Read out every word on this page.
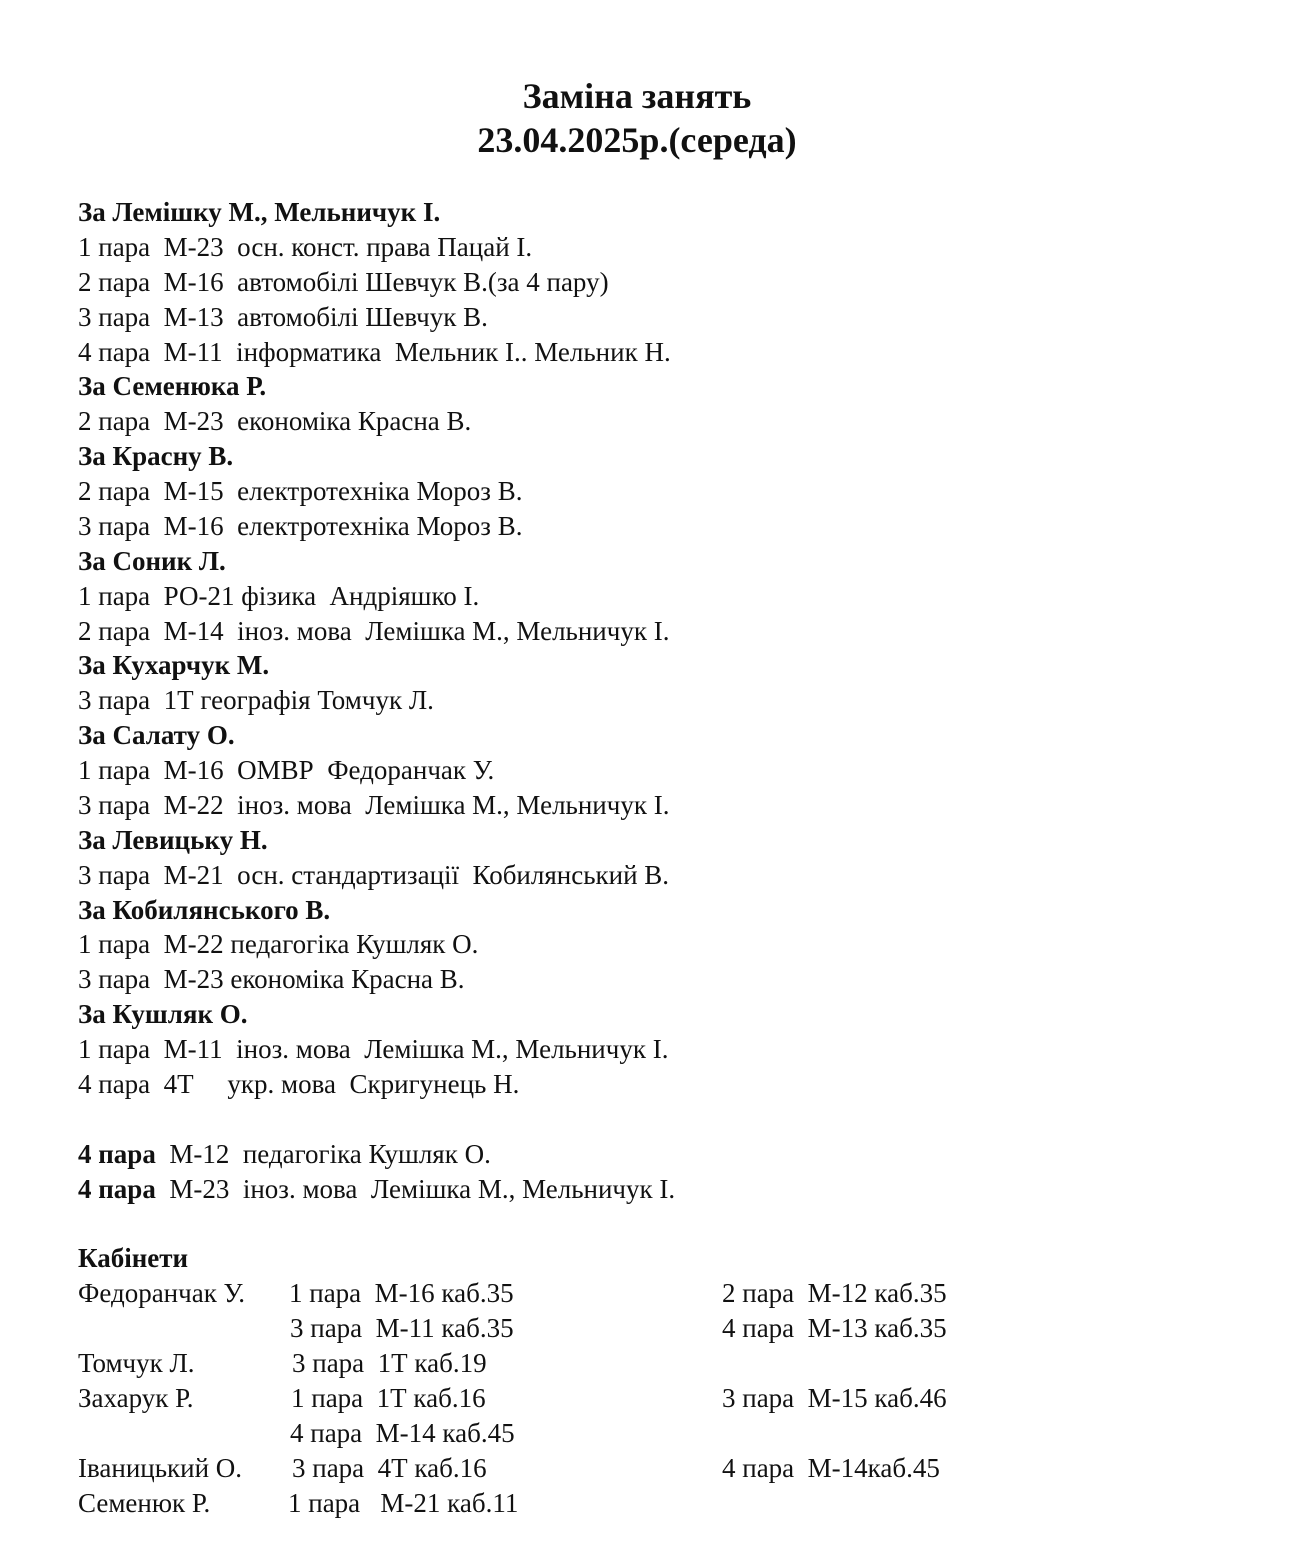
Заміна занять
23.04.2025р.(середа)

За Лемішку М., Мельничук І.

1 пара  М-23  осн. конст. права Пацай І.

2 пара  М-16  автомобілі Шевчук В.(за 4 пару)

3 пара  М-13  автомобілі Шевчук В.

4 пара  М-11  інформатика  Мельник І.. Мельник Н.

За Семенюка Р.

2 пара  М-23  економіка Красна В.

За Красну В.

2 пара  М-15  електротехніка Мороз В.

3 пара  М-16  електротехніка Мороз В.

За Соник Л.

1 пара  РО-21 фізика  Андріяшко І.

2 пара  М-14  іноз. мова  Лемішка М., Мельничук І.

За Кухарчук М.

3 пара  1Т географія Томчук Л.

За Салату О.

1 пара  М-16  ОМВР  Федоранчак У.

3 пара  М-22  іноз. мова  Лемішка М., Мельничук І.

За Левицьку Н.

3 пара  М-21  осн. стандартизації  Кобилянський В.

За Кобилянського В.

1 пара  М-22 педагогіка Кушляк О.

3 пара  М-23 економіка Красна В.

За Кушляк О.

1 пара  М-11  іноз. мова  Лемішка М., Мельничук І.

4 пара  4Т     укр. мова  Скригунець Н.

4 пара  М-12  педагогіка Кушляк О.

4 пара  М-23  іноз. мова  Лемішка М., Мельничук І.

Кабінети

Федоранчак У. 1 пара  М-16 каб.35	2 пара  М-12 каб.35
3 пара  М-11 каб.35	4 пара  М-13 каб.35
Томчук Л.	3 пара  1Т каб.19
Захарук Р.	1 пара  1Т каб.16	3 пара  М-15 каб.46
4 пара  М-14 каб.45
Іваницький О. 3 пара  4Т каб.16	4 пара  М-14каб.45
Семенюк Р.	1 пара   М-21 каб.11
